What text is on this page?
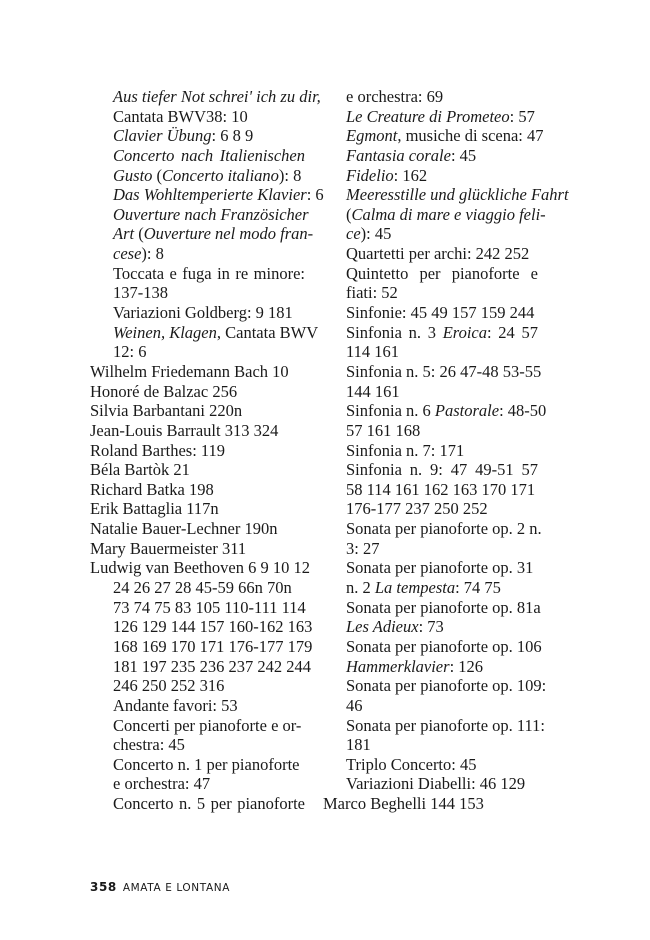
Aus tiefer Not schrei' ich zu dir,
Cantata BWV38: 10
Clavier Übung: 6 8 9
Concerto nach Italienischen
Gusto (Concerto italiano): 8
Das Wohltemperierte Klavier: 6
Ouverture nach Französicher
Art (Ouverture nel modo fran-
cese): 8
Toccata e fuga in re minore:
137-138
Variazioni Goldberg: 9 181
Weinen, Klagen, Cantata BWV
12: 6
Wilhelm Friedemann Bach 10
Honoré de Balzac 256
Silvia Barbantani 220n
Jean-Louis Barrault 313 324
Roland Barthes: 119
Béla Bartòk 21
Richard Batka 198
Erik Battaglia 117n
Natalie Bauer-Lechner 190n
Mary Bauermeister 311
Ludwig van Beethoven 6 9 10 12
24 26 27 28 45-59 66n 70n
73 74 75 83 105 110-111 114
126 129 144 157 160-162 163
168 169 170 171 176-177 179
181 197 235 236 237 242 244
246 250 252 316
Andante favori: 53
Concerti per pianoforte e or-
chestra: 45
Concerto n. 1 per pianoforte
e orchestra: 47
Concerto n. 5 per pianoforte
e orchestra: 69
Le Creature di Prometeo: 57
Egmont, musiche di scena: 47
Fantasia corale: 45
Fidelio: 162
Meeresstille und glückliche Fahrt
(Calma di mare e viaggio feli-
ce): 45
Quartetti per archi: 242 252
Quintetto per pianoforte e
fiati: 52
Sinfonie: 45 49 157 159 244
Sinfonia n. 3 Eroica: 24 57
114 161
Sinfonia n. 5: 26 47-48 53-55
144 161
Sinfonia n. 6 Pastorale: 48-50
57 161 168
Sinfonia n. 7: 171
Sinfonia n. 9: 47 49-51 57
58 114 161 162 163 170 171
176-177 237 250 252
Sonata per pianoforte op. 2 n.
3: 27
Sonata per pianoforte op. 31
n. 2 La tempesta: 74 75
Sonata per pianoforte op. 81a
Les Adieux: 73
Sonata per pianoforte op. 106
Hammerklavier: 126
Sonata per pianoforte op. 109:
46
Sonata per pianoforte op. 111:
181
Triplo Concerto: 45
Variazioni Diabelli: 46 129
Marco Beghelli 144 153
358 AMATA E LONTANA
